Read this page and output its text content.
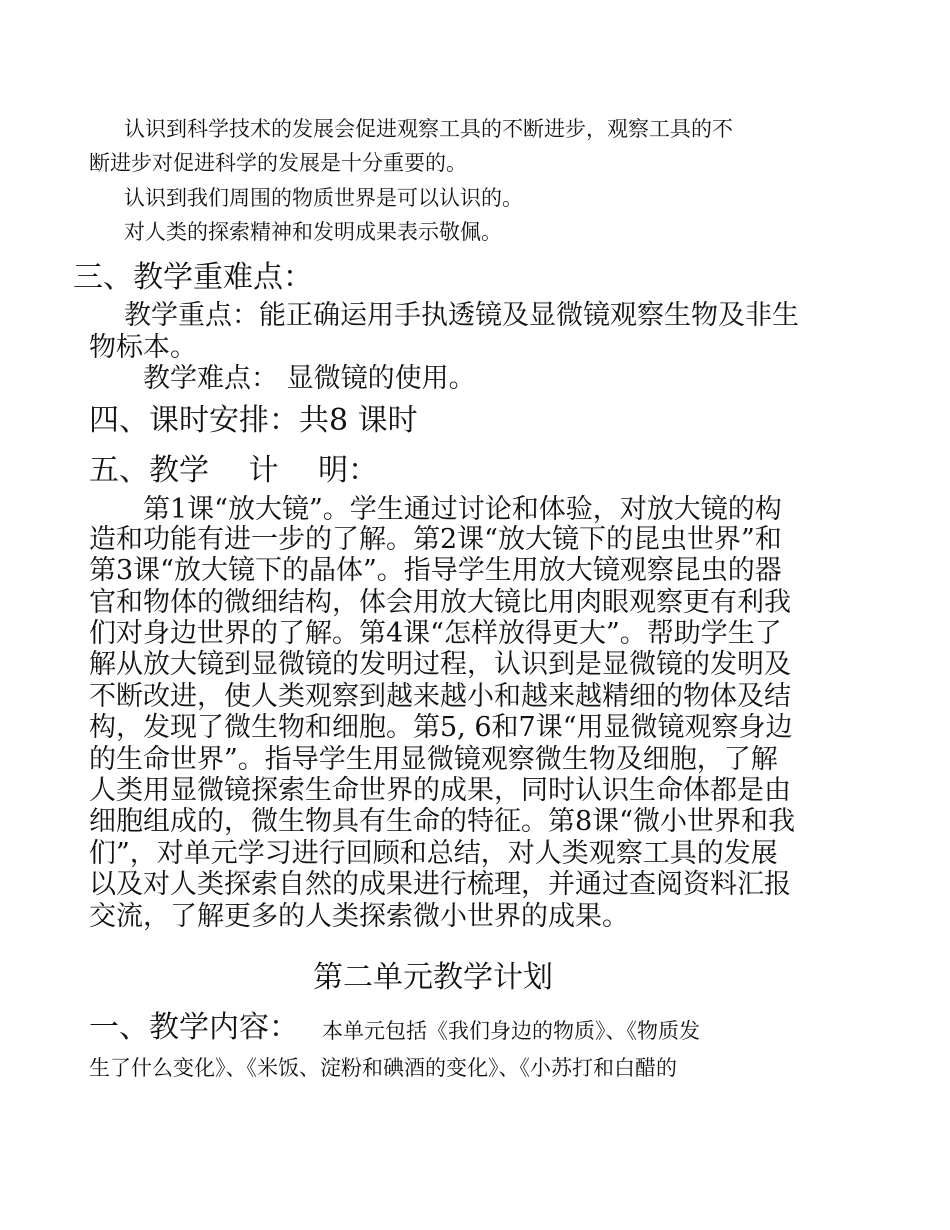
认识到科学技术的发展会促进观察工具的不断进步，观察工具的不
断进步对促进科学的发展是十分重要的。
认识到我们周围的物质世界是可以认识的。
对人类的探索精神和发明成果表示敬佩。
三、教学重难点：
教学重点：能正确运用手执透镜及显微镜观察生物及非生
物标本。
教学难点： 显微镜的使用。
四、课时安排：共8 课时
五、教学　 计　 明：
第1课“放大镜”。学生通过讨论和体验，对放大镜的构
造和功能有进一步的了解。第2课“放大镜下的昆虫世界”和
第3课“放大镜下的晶体”。指导学生用放大镜观察昆虫的器
官和物体的微细结构，体会用放大镜比用肉眼观察更有利我
们对身边世界的了解。第4课“怎样放得更大”。帮助学生了
解从放大镜到显微镜的发明过程，认识到是显微镜的发明及
不断改进，使人类观察到越来越小和越来越精细的物体及结
构，发现了微生物和细胞。第5, 6和7课“用显微镜观察身边
的生命世界”。指导学生用显微镜观察微生物及细胞，了解
人类用显微镜探索生命世界的成果，同时认识生命体都是由
细胞组成的，微生物具有生命的特征。第8课“微小世界和我
们”，对单元学习进行回顾和总结，对人类观察工具的发展
以及对人类探索自然的成果进行梳理，并通过查阅资料汇报
交流，了解更多的人类探索微小世界的成果。
第二单元教学计划
一、教学内容： 本单元包括《我们身边的物质》、《物质发
生了什么变化》、《米饭、淀粉和碘酒的变化》、《小苏打和白醋的
